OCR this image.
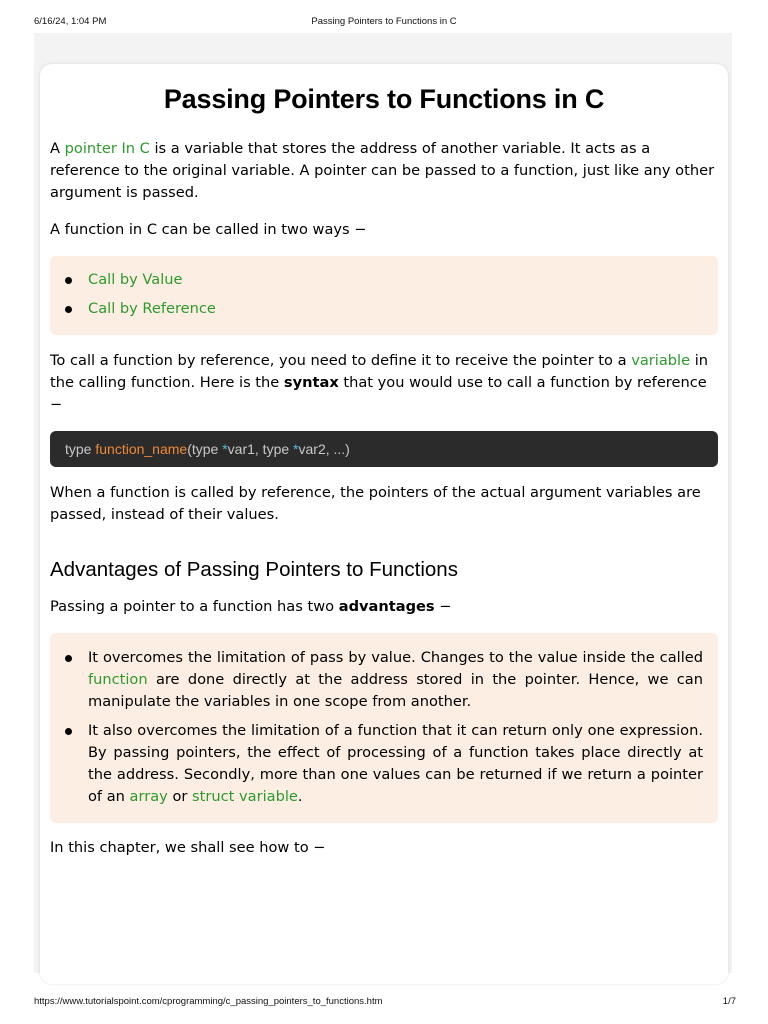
6/16/24, 1:04 PM	Passing Pointers to Functions in C
Passing Pointers to Functions in C

A pointer In C is a variable that stores the address of another variable. It acts as a reference to the original variable. A pointer can be passed to a function, just like any other argument is passed.

A function in C can be called in two ways −

Call by Value
Call by Reference

To call a function by reference, you need to define it to receive the pointer to a variable in the calling function. Here is the syntax that you would use to call a function by reference −

type function_name(type *var1, type *var2, ...)

When a function is called by reference, the pointers of the actual argument variables are passed, instead of their values.

Advantages of Passing Pointers to Functions

Passing a pointer to a function has two advantages −

It overcomes the limitation of pass by value. Changes to the value inside the called function are done directly at the address stored in the pointer. Hence, we can manipulate the variables in one scope from another.
It also overcomes the limitation of a function that it can return only one expression. By passing pointers, the effect of processing of a function takes place directly at the address. Secondly, more than one values can be returned if we return a pointer of an array or struct variable.

In this chapter, we shall see how to −

https://www.tutorialspoint.com/cprogramming/c_passing_pointers_to_functions.htm	1/7
